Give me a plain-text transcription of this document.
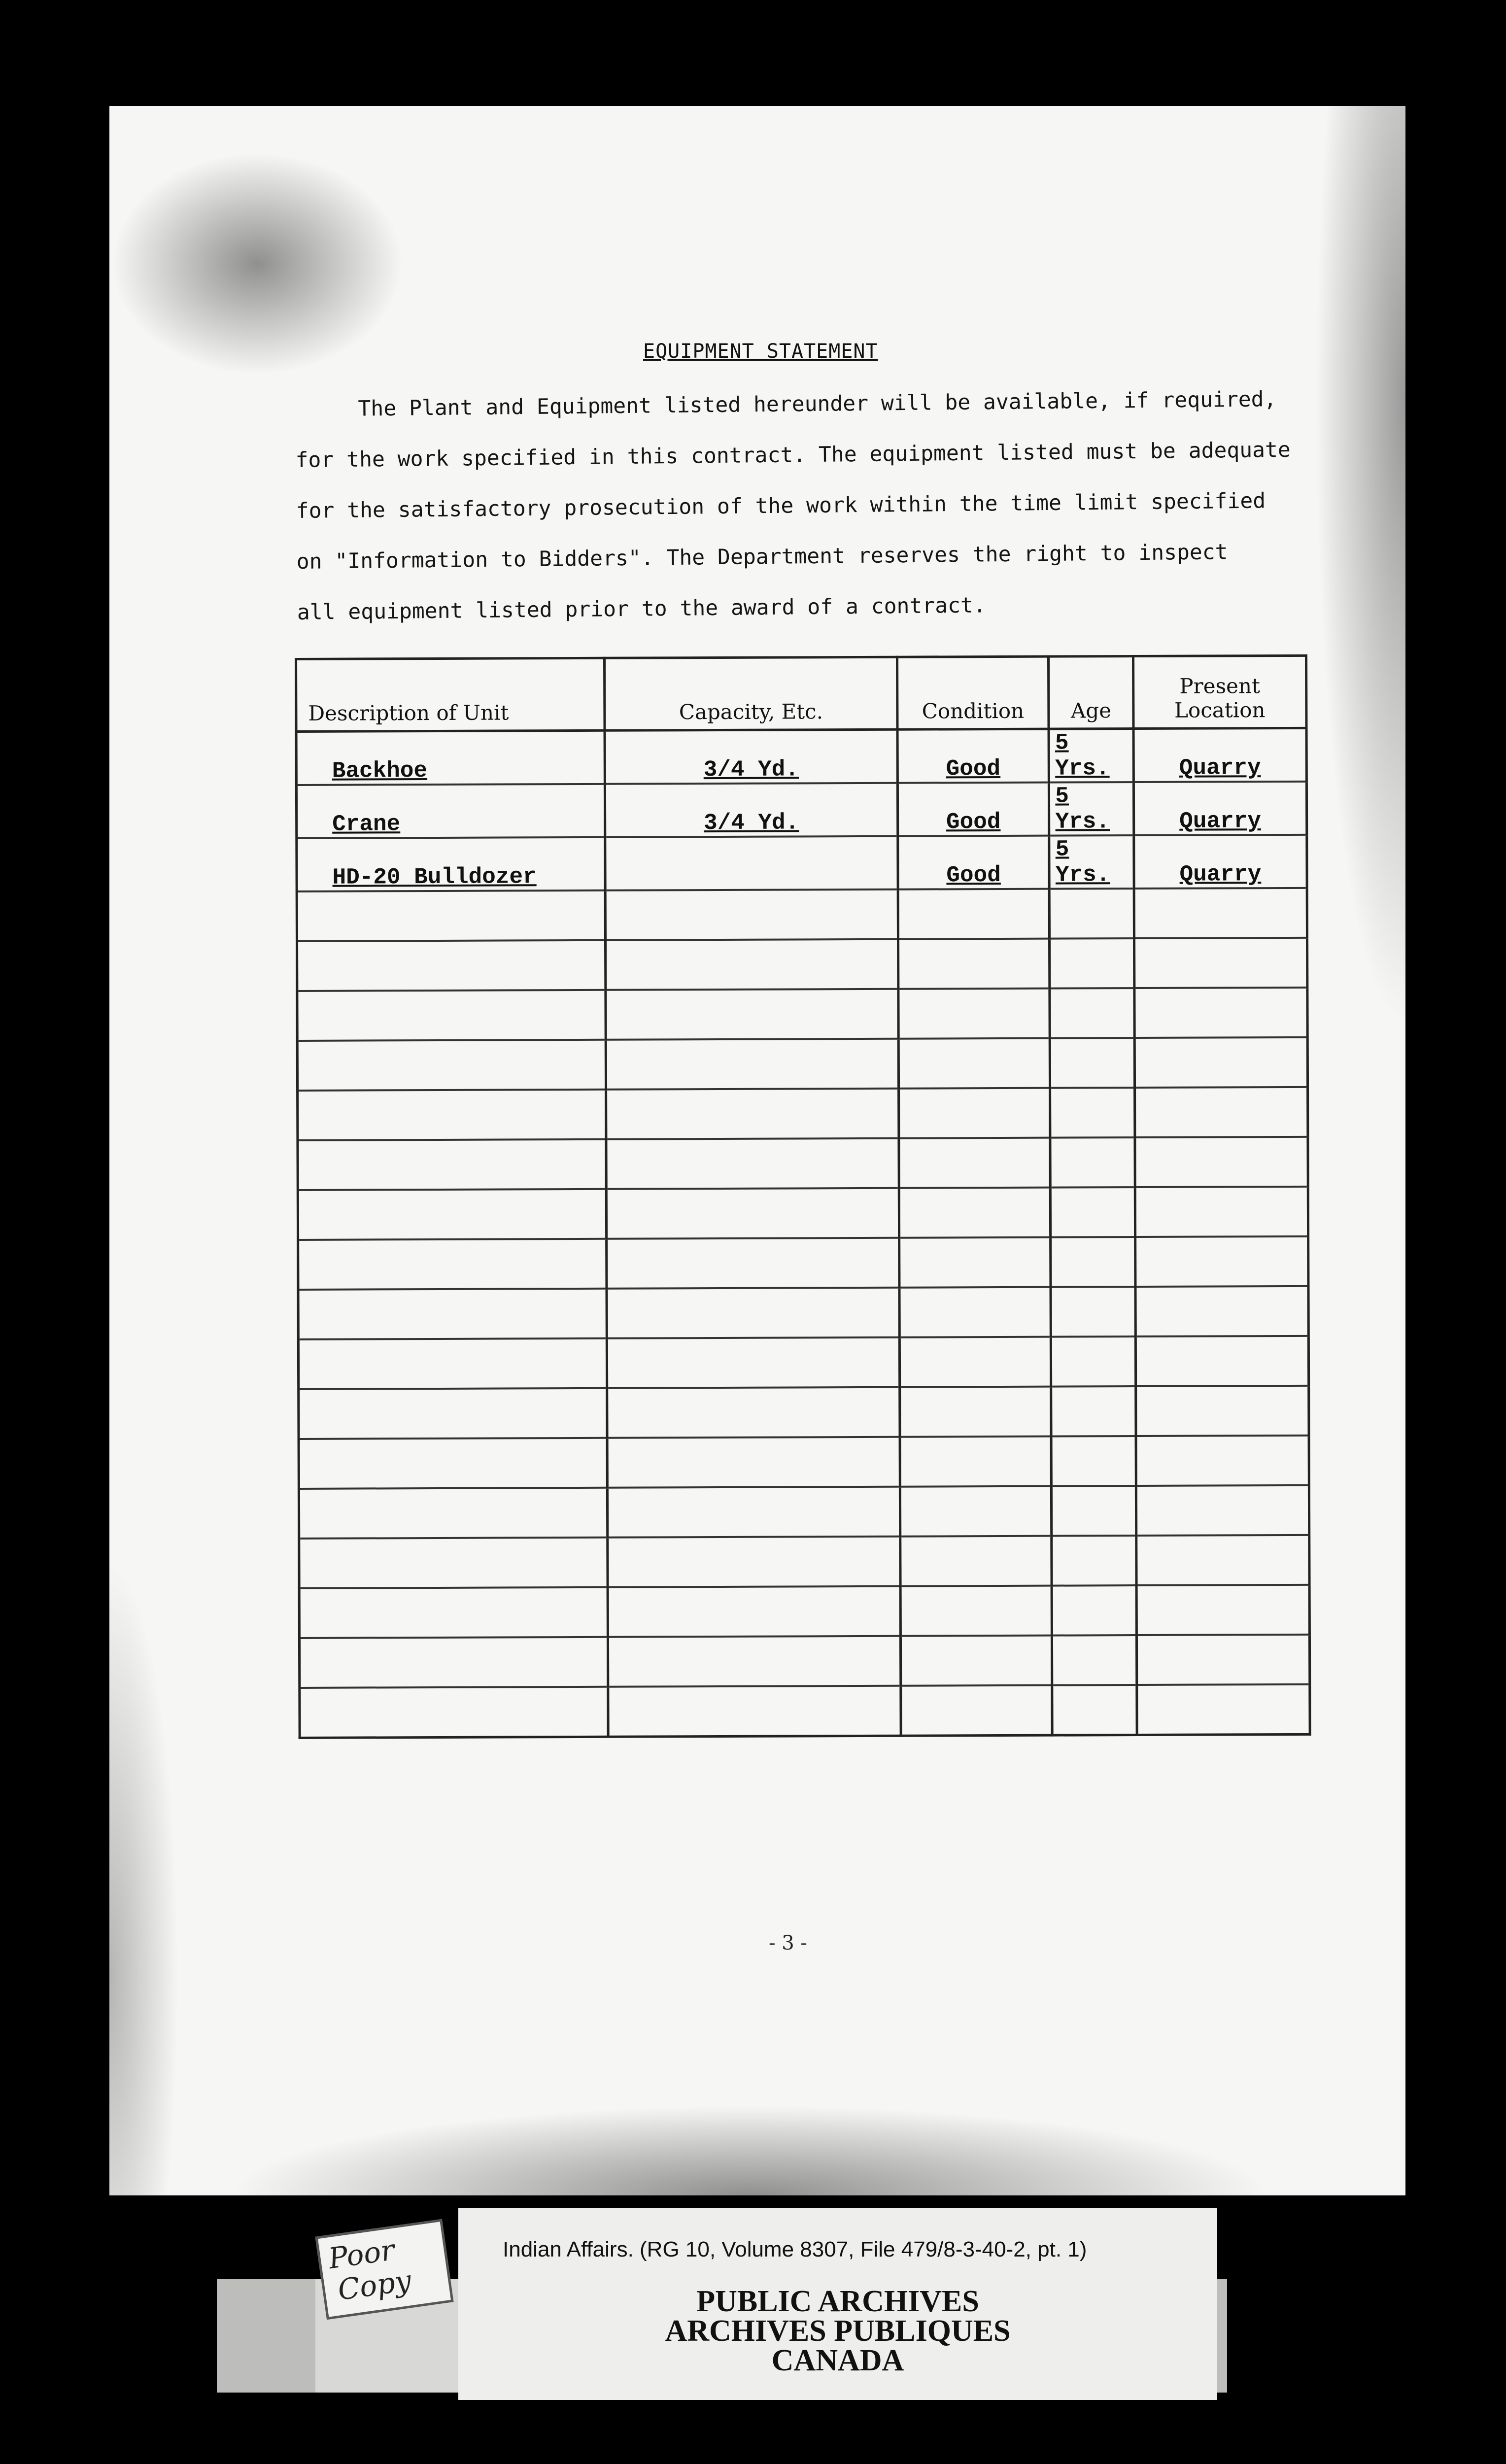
EQUIPMENT STATEMENT

The Plant and Equipment listed hereunder will be available, if required,

for the work specified in this contract. The equipment listed must be adequate

for the satisfactory prosecution of the work within the time limit specified

on "Information to Bidders". The Department reserves the right to inspect

all equipment listed prior to the award of a contract.

Description of Unit	Capacity, Etc.	Condition	Age	Present
Location

Backhoe	3/4 Yd.	Good	5 Yrs.	Quarry
Crane	3/4 Yd.	Good	5 Yrs.	Quarry
HD-20 Bulldozer		Good	5 Yrs.	Quarry

- 3 -
Indian Affairs. (RG 10, Volume 8307, File 479/8-3-40-2, pt. 1)
PUBLIC ARCHIVES
ARCHIVES PUBLIQUES
CANADA
Poor
Copy
